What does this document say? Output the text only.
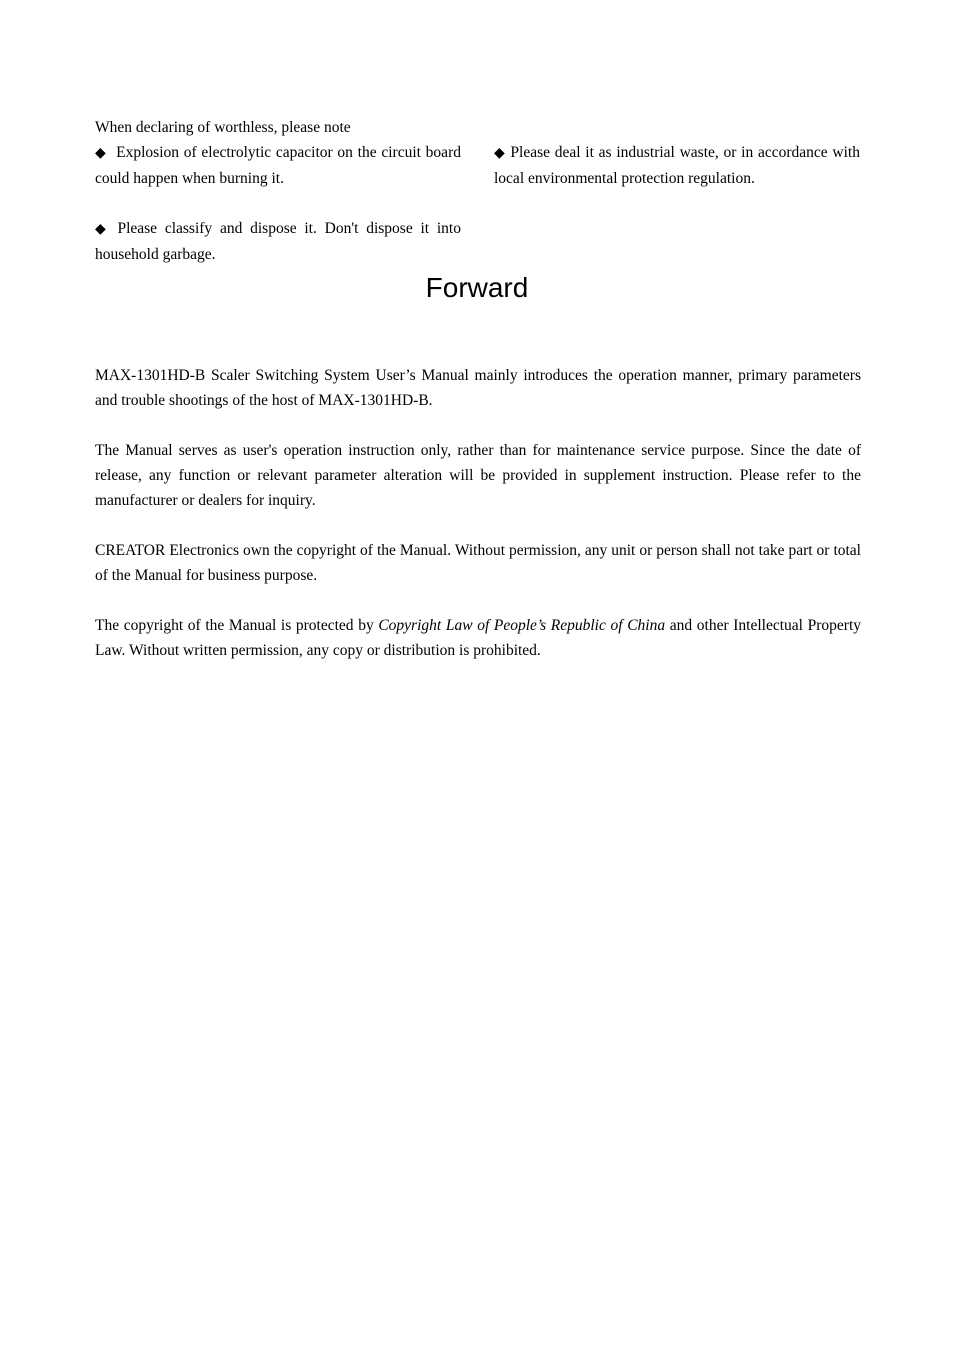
When declaring of worthless, please note

◆ Explosion of electrolytic capacitor on the circuit board could happen when burning it.

◆ Please classify and dispose it. Don't dispose it into household garbage.

◆ Please deal it as industrial waste, or in accordance with local environmental protection regulation.

Forward

MAX-1301HD-B Scaler Switching System User’s Manual mainly introduces the operation manner, primary parameters and trouble shootings of the host of MAX-1301HD-B.

The Manual serves as user's operation instruction only, rather than for maintenance service purpose. Since the date of release, any function or relevant parameter alteration will be provided in supplement instruction. Please refer to the manufacturer or dealers for inquiry.

CREATOR Electronics own the copyright of the Manual. Without permission, any unit or person shall not take part or total of the Manual for business purpose.

The copyright of the Manual is protected by Copyright Law of People’s Republic of China and other Intellectual Property Law. Without written permission, any copy or distribution is prohibited.
